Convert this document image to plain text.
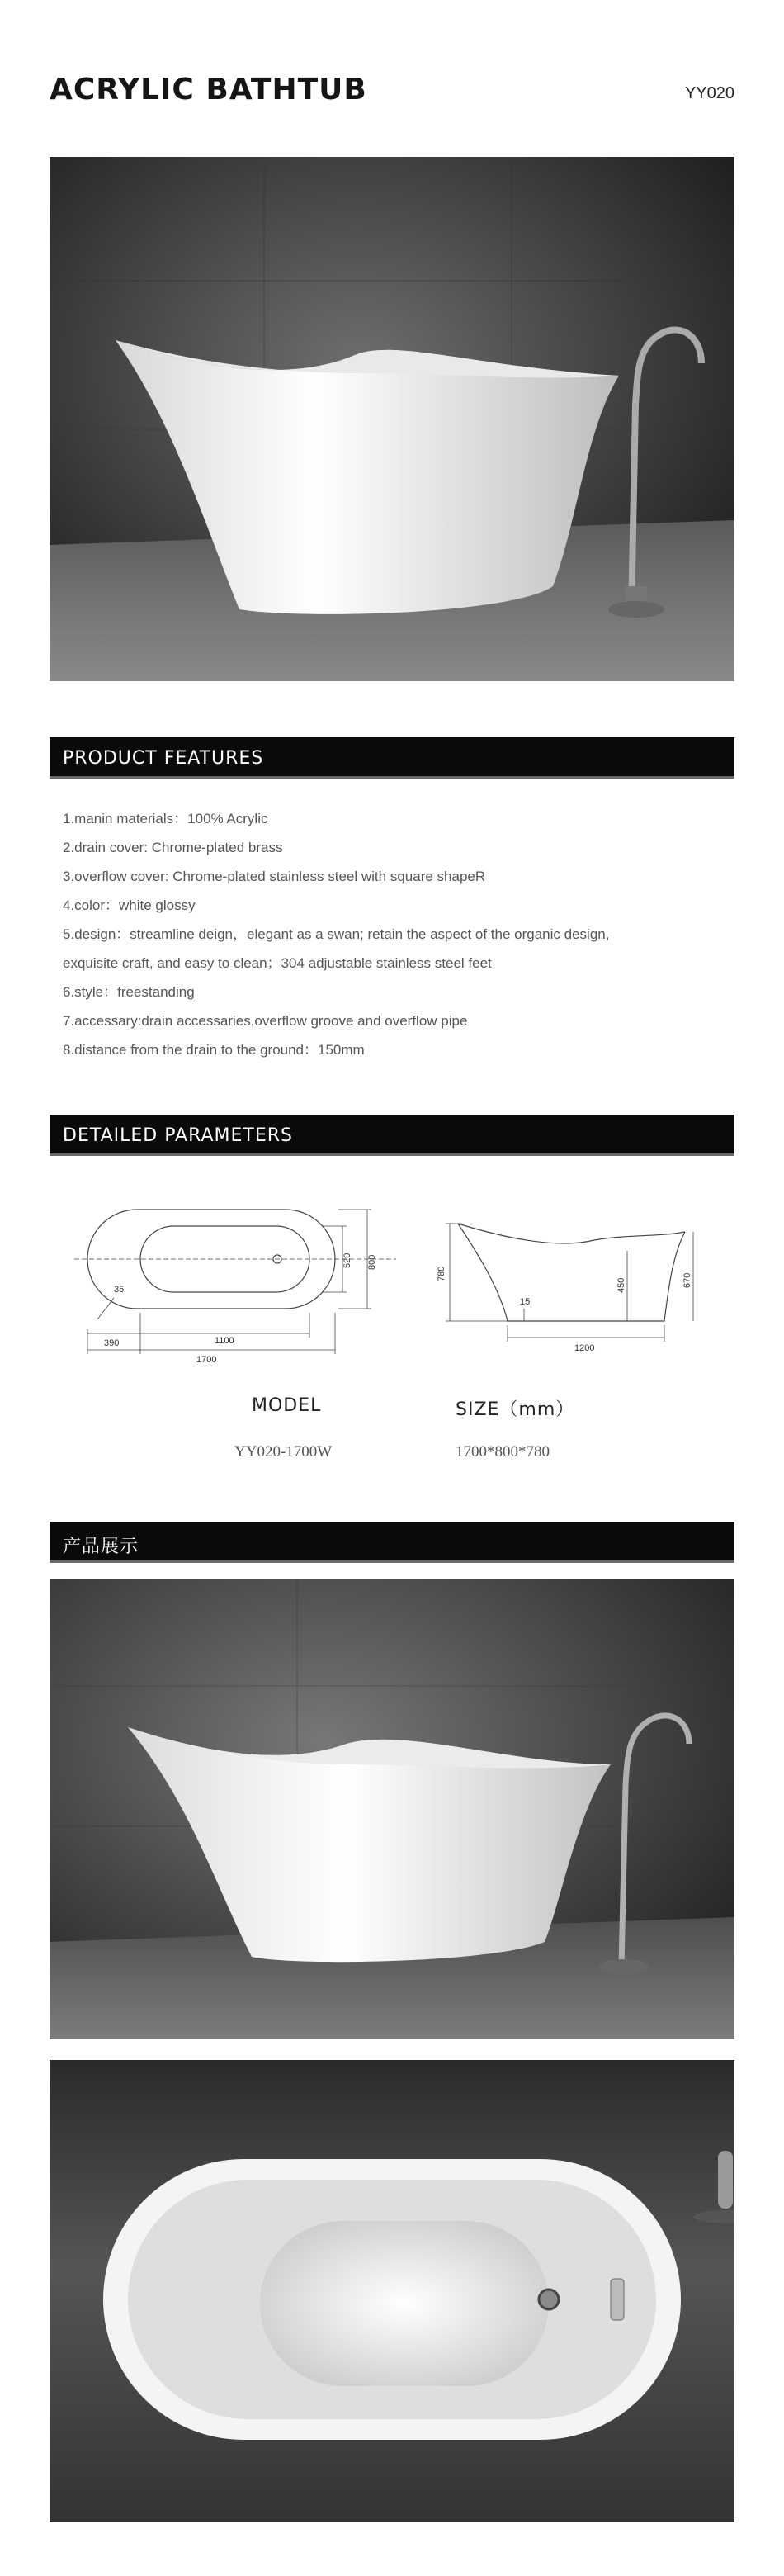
ACRYLIC BATHTUB	YY020
PRODUCT FEATURES

1.manin materials：100% Acrylic

2.drain cover: Chrome-plated brass

3.overflow cover: Chrome-plated stainless steel with square shapeR

4.color：white glossy

5.design：streamline deign，elegant as a swan; retain the aspect of the organic design,

exquisite craft, and easy to clean；304 adjustable stainless steel feet

6.style：freestanding

7.accessary:drain accessaries,overflow groove and overflow pipe

8.distance from the drain to the ground：150mm

DETAILED PARAMETERS
35
390	1100
1700
520 800
780
15
450	670
1200
MODEL	SIZE（mm）
YY020-1700W	1700*800*780
产品展示
